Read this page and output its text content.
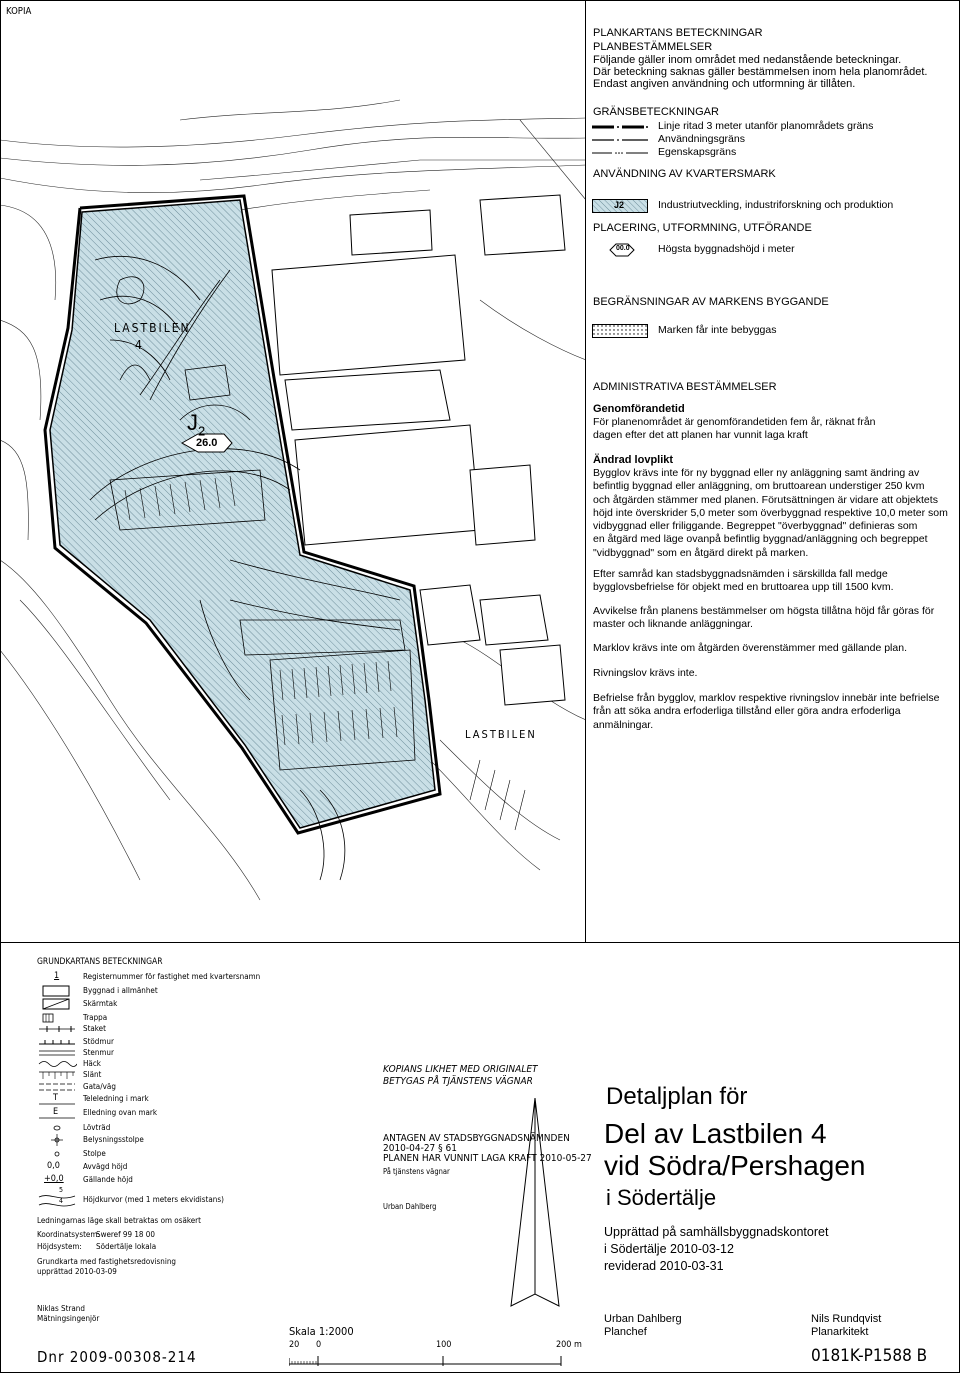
KOPIA
LASTBILEN
4
$J_2$
26.0
LASTBILEN
PLANKARTANS BETECKNINGAR
PLANBESTÄMMELSER
Följande gäller inom området med nedanstående beteckningar.
Där beteckning saknas gäller bestämmelsen inom hela planområdet.
Endast angiven användning och utformning är tillåten.
GRÄNSBETECKNINGAR
Linje ritad 3 meter utanför planområdets gräns
Användningsgräns
Egenskapsgräns
ANVÄNDNING AV KVARTERSMARK
J2	Industriutveckling, industriforskning och produktion
PLACERING, UTFORMNING, UTFÖRANDE
00.0	Högsta byggnadshöjd i meter
BEGRÄNSNINGAR AV MARKENS BYGGANDE
Marken får inte bebyggas
ADMINISTRATIVA BESTÄMMELSER
Genomförandetid
För planenområdet är genomförandetiden fem år, räknat från
dagen efter det att planen har vunnit laga kraft
Ändrad lovplikt
Bygglov krävs inte för ny byggnad eller ny anläggning samt ändring av
befintlig byggnad eller anläggning, om bruttoarean understiger 250 kvm
och åtgärden stämmer med planen. Förutsättningen är vidare att objektets
höjd inte överskrider 5,0 meter som överbyggnad respektive 10,0 meter som
vidbyggnad eller friliggande. Begreppet "överbyggnad" definieras som
en åtgärd med läge ovanpå befintlig byggnad/anläggning och begreppet
"vidbyggnad" som en åtgärd direkt på marken.
Efter samråd kan stadsbyggnadsnämden i särskillda fall medge
bygglovsbefrielse för objekt med en bruttoarea upp till 1500 kvm.
Avvikelse från planens bestämmelser om högsta tillåtna höjd får göras för
master och liknande anläggningar.
Marklov krävs inte om åtgärden överenstämmer med gällande plan.
Rivningslov krävs inte.
Befrielse från bygglov, marklov respektive rivningslov innebär inte befrielse
från att söka andra erfoderliga tillstånd eller göra andra erfoderliga anmälningar.
GRUNDKARTANS BETECKNINGAR
1	Registernummer för fastighet med kvartersnamn
Byggnad i allmänhet
Skärmtak
Trappa
Staket
Stödmur
Stenmur
Häck
Slänt
Gata/väg
T	Teleledning i mark
E	Elledning ovan mark
Lövträd
Belysningsstolpe
Stolpe
0,0	Avvägd höjd
+0,0 Gällande höjd
5
4 Höjdkurvor (med 1 meters ekvidistans)
Ledningarnas läge skall betraktas om osäkert
Koordinatsystem:
Sweref 99 18 00
Höjdsystem: Södertälje lokala
Grundkarta med fastighetsredovisning
upprättad 2010-03-09
Niklas Strand
Mätningsingenjör
Dnr 2009-00308-214
KOPIANS LIKHET MED ORIGINALET
BETYGAS PÅ TJÄNSTENS VÄGNAR
ANTAGEN AV STADSBYGGNADSNÄMNDEN
2010-04-27 § 61
PLANEN HAR VUNNIT LAGA KRAFT 2010-05-27
På tjänstens vägnar
Urban Dahlberg
Skala 1:2000
20 0	100	200 m
Detaljplan för
Del av Lastbilen 4
vid Södra/Pershagen
i Södertälje
Upprättad på samhällsbyggnadskontoret
i Södertälje 2010-03-12
reviderad 2010-03-31
Urban Dahlberg
Planchef
Nils Rundqvist
Planarkitekt
0181K-P1588 B
